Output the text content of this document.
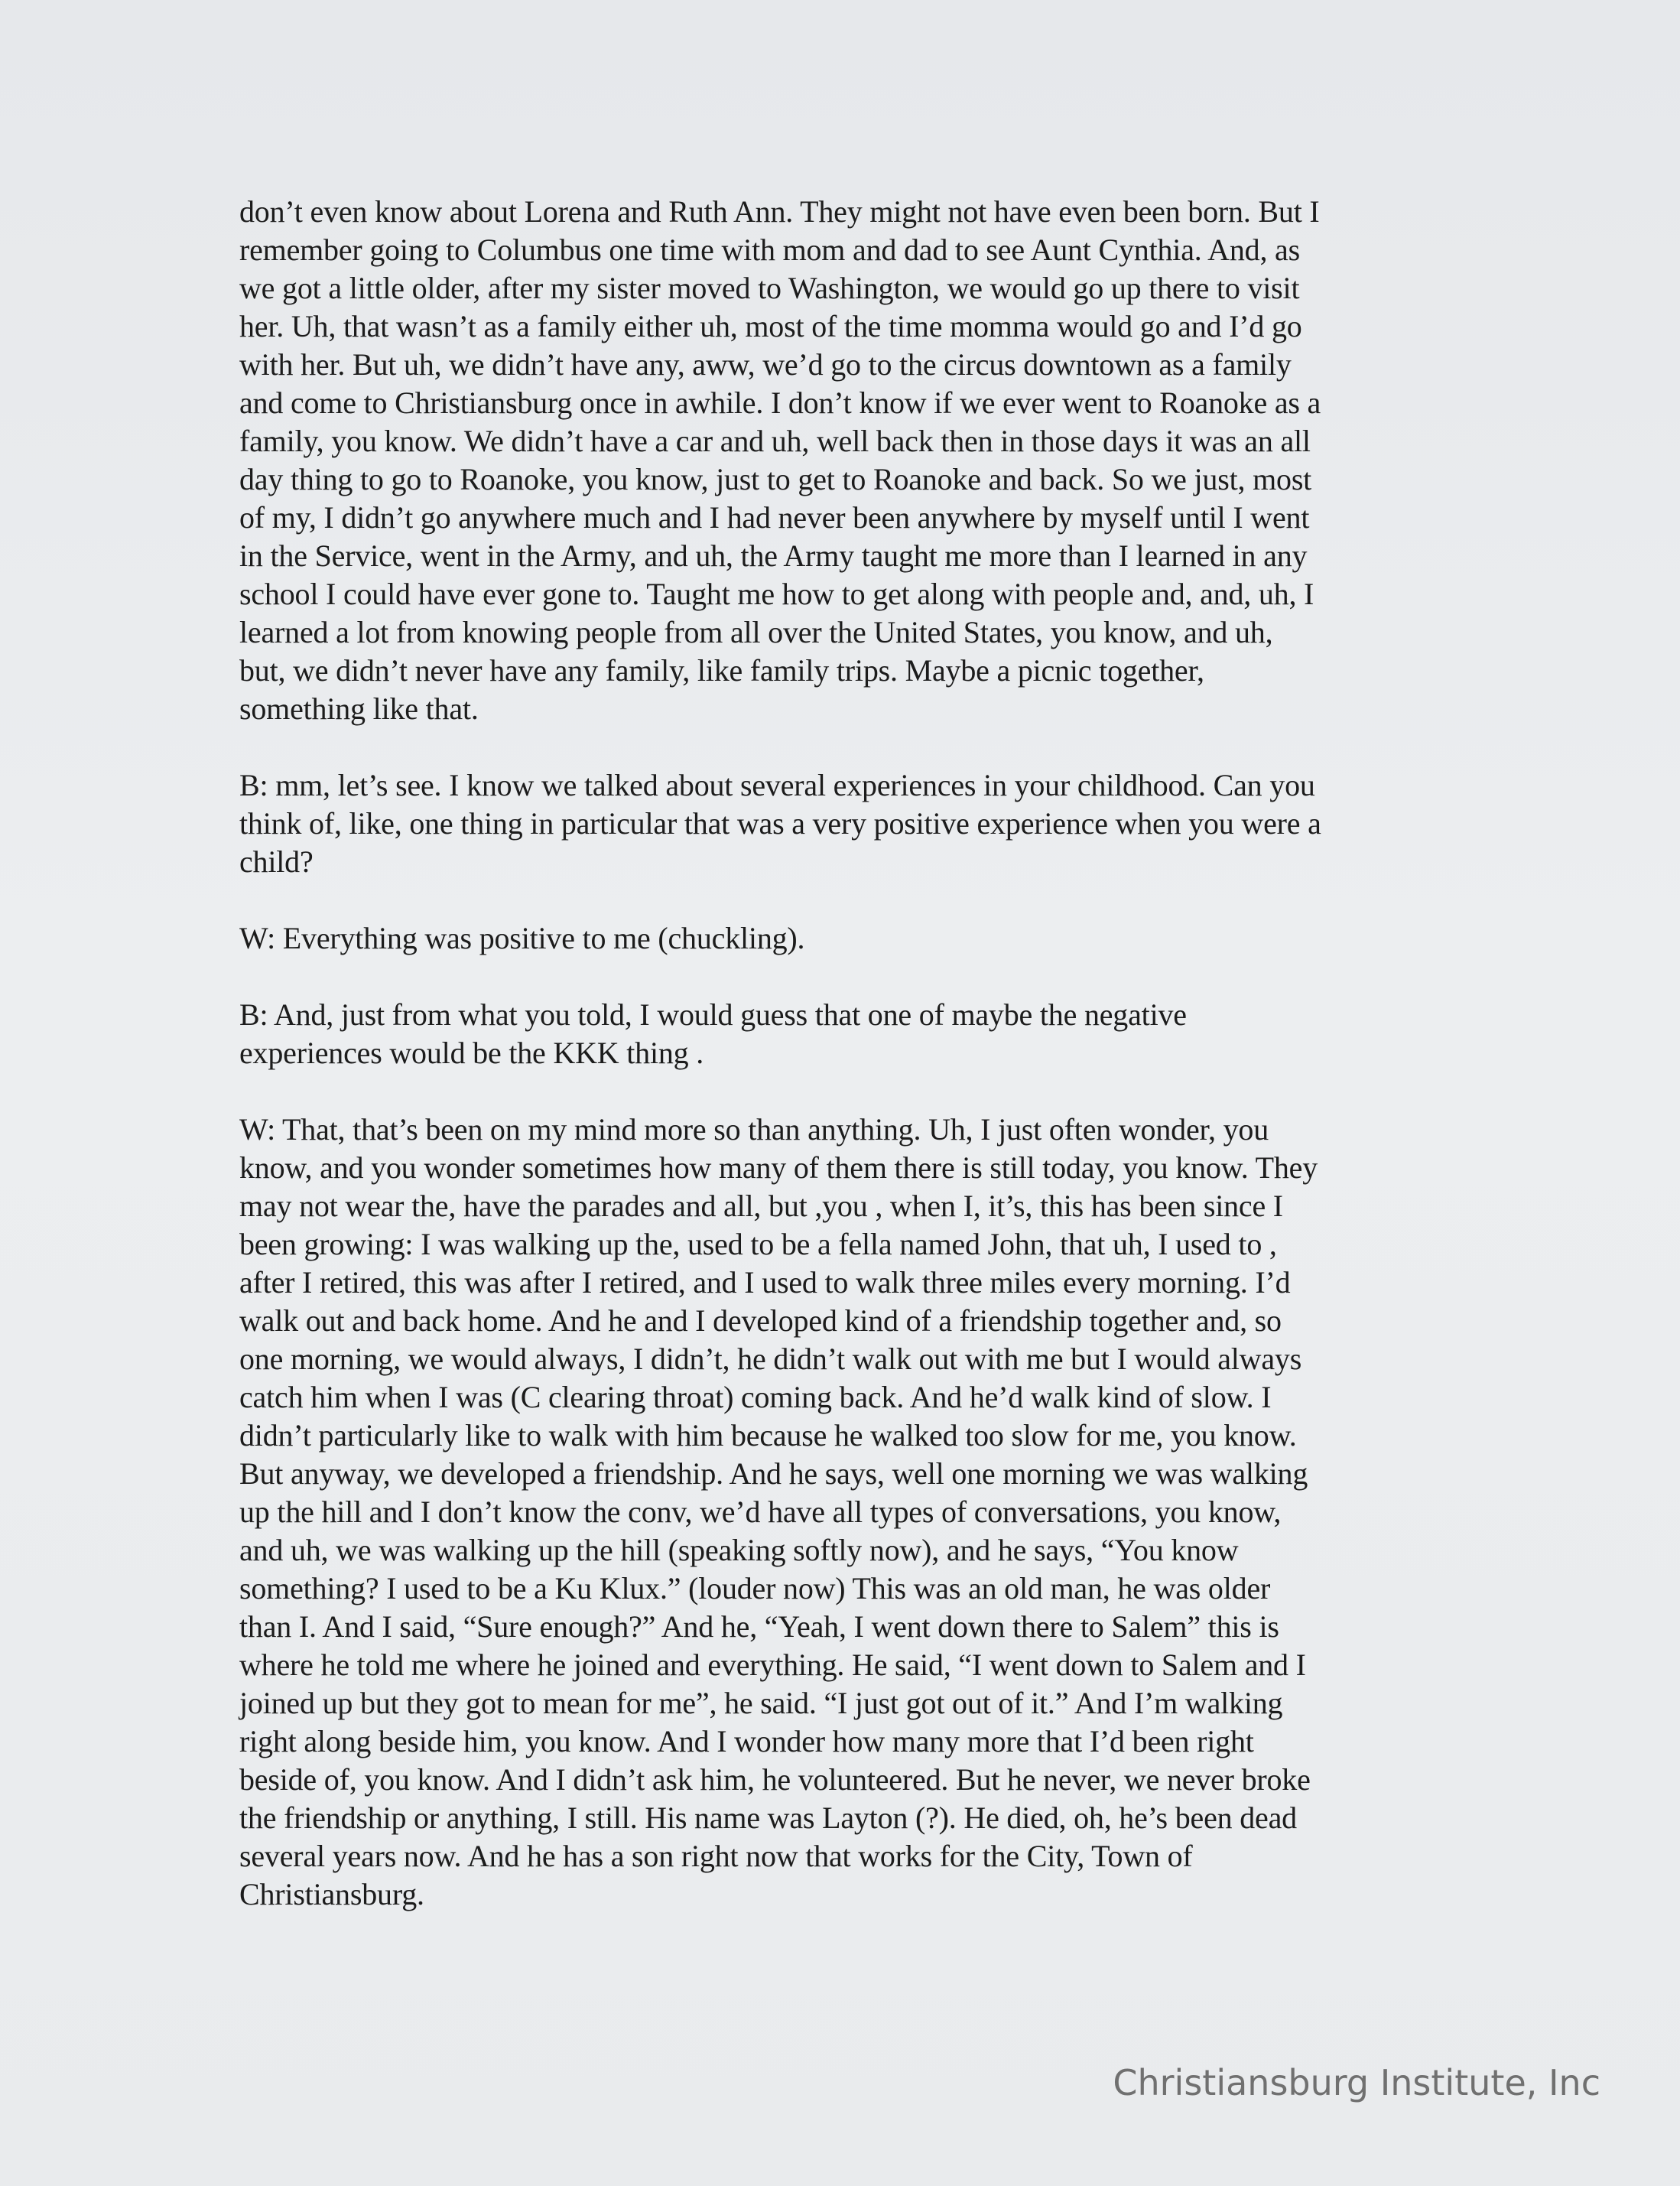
don’t even know about Lorena and Ruth Ann. They might not have even been born. But I
remember going to Columbus one time with mom and dad to see Aunt Cynthia. And, as
we got a little older, after my sister moved to Washington, we would go up there to visit
her. Uh, that wasn’t as a family either uh, most of the time momma would go and I’d go
with her. But uh, we didn’t have any, aww, we’d go to the circus downtown as a family
and come to Christiansburg once in awhile. I don’t know if we ever went to Roanoke as a
family, you know. We didn’t have a car and uh, well back then in those days it was an all
day thing to go to Roanoke, you know, just to get to Roanoke and back. So we just, most
of my, I didn’t go anywhere much and I had never been anywhere by myself until I went
in the Service, went in the Army, and uh, the Army taught me more than I learned in any
school I could have ever gone to. Taught me how to get along with people and, and, uh, I
learned a lot from knowing people from all over the United States, you know, and uh,
but, we didn’t never have any family, like family trips. Maybe a picnic together,
something like that.
B: mm, let’s see. I know we talked about several experiences in your childhood. Can you
think of, like, one thing in particular that was a very positive experience when you were a
child?
W: Everything was positive to me (chuckling).
B: And, just from what you told, I would guess that one of maybe the negative
experiences would be the KKK thing .
W: That, that’s been on my mind more so than anything. Uh, I just often wonder, you
know, and you wonder sometimes how many of them there is still today, you know. They
may not wear the, have the parades and all, but ,you , when I, it’s, this has been since I
been growing: I was walking up the, used to be a fella named John, that uh, I used to ,
after I retired, this was after I retired, and I used to walk three miles every morning. I’d
walk out and back home. And he and I developed kind of a friendship together and, so
one morning, we would always, I didn’t, he didn’t walk out with me but I would always
catch him when I was (C clearing throat) coming back. And he’d walk kind of slow. I
didn’t particularly like to walk with him because he walked too slow for me, you know.
But anyway, we developed a friendship. And he says, well one morning we was walking
up the hill and I don’t know the conv, we’d have all types of conversations, you know,
and uh, we was walking up the hill (speaking softly now), and he says, “You know
something? I used to be a Ku Klux.” (louder now) This was an old man, he was older
than I. And I said, “Sure enough?” And he, “Yeah, I went down there to Salem” this is
where he told me where he joined and everything. He said, “I went down to Salem and I
joined up but they got to mean for me”, he said. “I just got out of it.” And I’m walking
right along beside him, you know. And I wonder how many more that I’d been right
beside of, you know. And I didn’t ask him, he volunteered. But he never, we never broke
the friendship or anything, I still. His name was Layton (?). He died, oh, he’s been dead
several years now. And he has a son right now that works for the City, Town of
Christiansburg.
Christiansburg Institute, Inc
